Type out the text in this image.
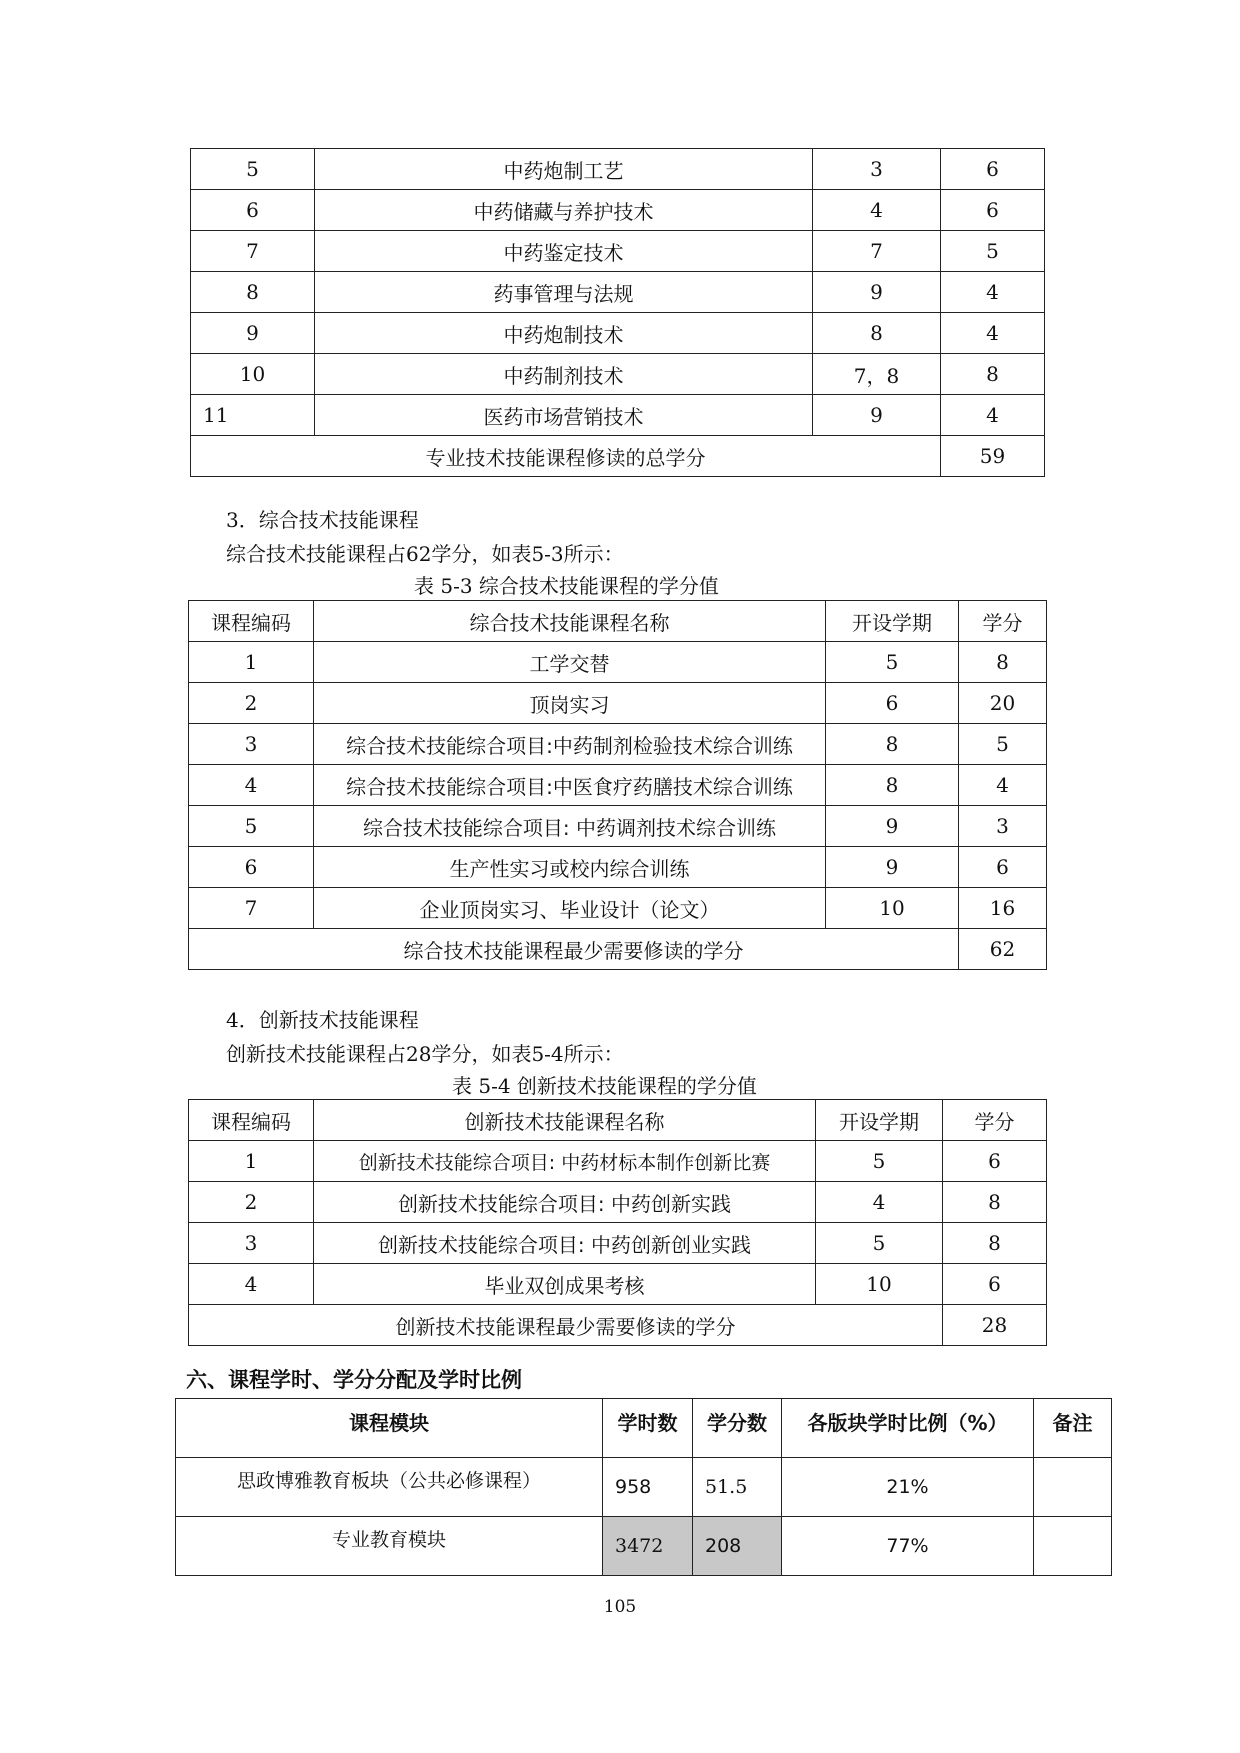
5	中药炮制工艺	3	6
6	中药储藏与养护技术	4	6
7	中药鉴定技术	7	5
8	药事管理与法规	9	4
9	中药炮制技术	8	4
10	中药制剂技术	7，8	8
11	医药市场营销技术	9	4
专业技术技能课程修读的总学分			59
3．综合技术技能课程
综合技术技能课程占62学分，如表5-3所示：
表 5-3 综合技术技能课程的学分值
课程编码	综合技术技能课程名称	开设学期	学分
1	工学交替	5	8
2	顶岗实习	6	20
3	综合技术技能综合项目:中药制剂检验技术综合训练	8	5
4	综合技术技能综合项目:中医食疗药膳技术综合训练	8	4
5	综合技术技能综合项目: 中药调剂技术综合训练	9	3
6	生产性实习或校内综合训练	9	6
7	企业顶岗实习、毕业设计（论文）	10	16
综合技术技能课程最少需要修读的学分			62
4．创新技术技能课程
创新技术技能课程占28学分，如表5-4所示：
表 5-4 创新技术技能课程的学分值
课程编码	创新技术技能课程名称	开设学期	学分
1	创新技术技能综合项目: 中药材标本制作创新比赛	5	6
2	创新技术技能综合项目: 中药创新实践	4	8
3	创新技术技能综合项目: 中药创新创业实践	5	8
4	毕业双创成果考核	10	6
创新技术技能课程最少需要修读的学分			28
六、课程学时、学分分配及学时比例
课程模块	学时数	学分数	各版块学时比例（%）	备注
思政博雅教育板块（公共必修课程）	958	51.5	21%	
专业教育模块	3472	208	77%	
105
